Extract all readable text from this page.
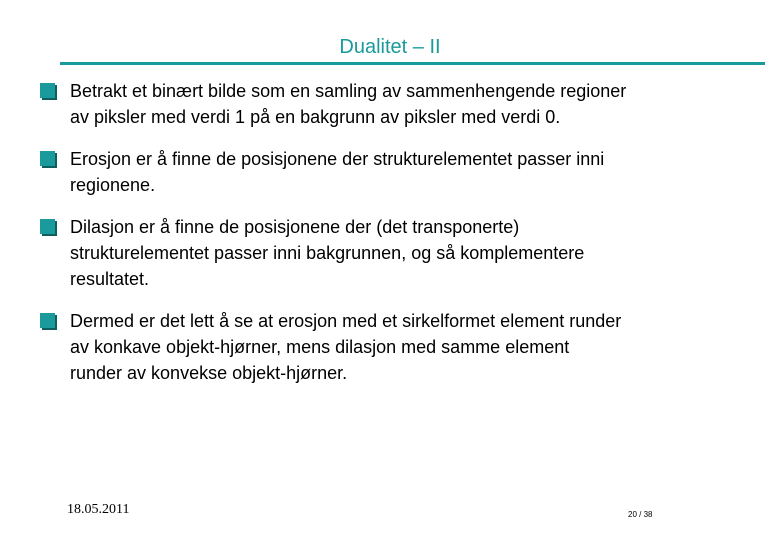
Dualitet – II
Betrakt et binært bilde som en samling av sammenhengende regioner
av piksler med verdi 1 på en bakgrunn av piksler med verdi 0.
Erosjon er å finne de posisjonene der strukturelementet passer inni
regionene.
Dilasjon er å finne de posisjonene der (det transponerte)
strukturelementet passer inni bakgrunnen, og så komplementere
resultatet.
Dermed er det lett å se at erosjon med et sirkelformet element runder
av konkave objekt-hjørner, mens dilasjon med samme element
runder av konvekse objekt-hjørner.
18.05.2011	20 / 38
